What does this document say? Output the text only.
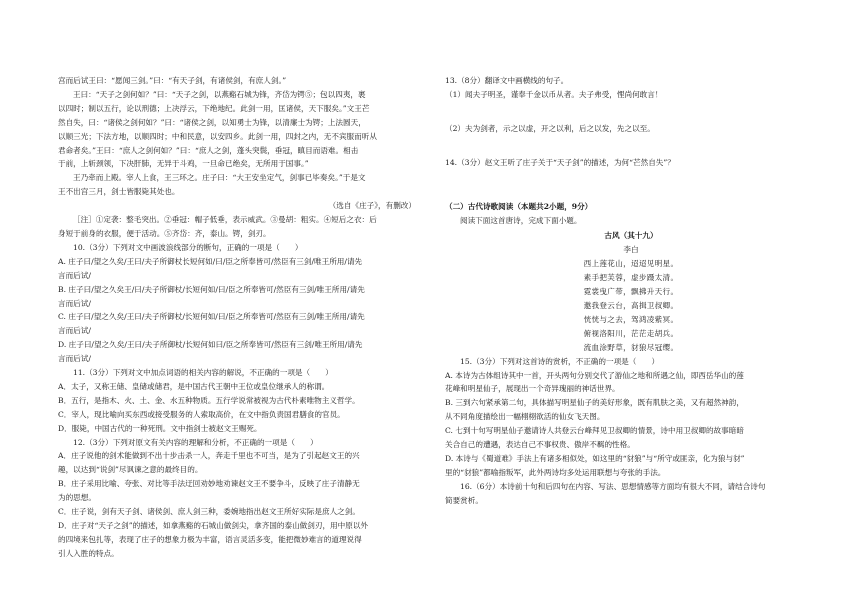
宫而后试王曰：“愿闻三剑。”曰：“有天子剑，有诸侯剑，有庶人剑。”
王曰：“天子之剑何如？”曰：“天子之剑，以燕谿石城为锋，齐岱为锷⑤；包以四夷，裹
以四时；制以五行，论以刑德；上决浮云，下绝地纪。此剑一用，匡诸侯，天下服矣。”文王芒
然自失，曰：“诸侯之剑何如？”曰：“诸侯之剑，以知勇士为锋，以清廉士为锷；上法圆天，
以顺三光；下法方地，以顺四时；中和民意，以安四乡。此剑一用，四封之内，无不宾服而听从
君命者矣。”王曰：“庶人之剑何如？”曰：“庶人之剑，蓬头突鬓，垂冠，瞋目而语难。相击
于前，上斩颈领，下决肝肺，无异于斗鸡，一旦命已绝矣，无所用于国事。”
王乃牵而上殿。宰人上食，王三环之。庄子曰：“大王安坐定气，剑事已毕奏矣。”于是文
王不出宫三月，剑士皆服毙其处也。
（选自《庄子》，有删改）
［注］①定袭：整毛突出。②垂冠：帽子低垂，表示威武。③曼胡：粗实。④短后之衣：后
身短于前身的衣服，便于活动。⑤齐岱：齐，泰山。锷，剑刃。
10.（3分）下列对文中画波浪线部分的断句，正确的一项是（　　）
A. 庄子曰/望之久矣/王曰/夫子所御杖长短何如/曰/臣之所奉皆可/然臣有三剑/唯王所用/请先
言而后试/
B. 庄子曰/望之久矣王/曰/夫子所御杖/长短何如/曰/臣之所奉皆可/然臣有三剑/唯王所用/请先
言而后试/
C. 庄子曰/望之久矣/王曰/夫子所御杖/长短何如/曰/臣之所奉皆可/然臣有三剑/唯王所用/请先
言而后试/
D. 庄子曰/望之久矣/王曰/夫子所御杖/长短何如曰/臣之所奉皆可/然臣有三剑/唯王所用/请先
言而后试/
11.（3分）下列对文中加点词语的相关内容的解说，不正确的一项是（　　）
A．太子，又称王储、皇储或储君，是中国古代王朝中王位或皇位继承人的称谓。
B．五行，是指木、火、土、金、水五种物质。五行学说常被视为古代朴素唯物主义哲学。
C．宰人，现比喻向买东西或接受服务的人索取高价，在文中指负责国君膳食的官员。
D．服毙，中国古代的一种死刑。文中指剑士被赵文王赐死。
12.（3分）下列对原文有关内容的理解和分析，不正确的一项是（　　）
A．庄子说他的剑术能做到不出十步击杀一人，奔走千里也不可当，是为了引起赵文王的兴
趣，以达到“说剑”尽讽谏之意的最终目的。
B．庄子采用比喻、夸张、对比等手法迂回劝妙地劝谏赵文王不要争斗，反映了庄子清静无
为的思想。
C．庄子说，剑有天子剑、诸侯剑、庶人剑三种，委婉地指出赵文王所好实际是庶人之剑。
D．庄子对“天子之剑”的描述，如拿燕谿的石城山做剑尖，拿齐国的泰山做剑刃，用中原以外
的四境来包扎等，表现了庄子的想象力极为丰富，语言灵活多变，能把微妙难言的道理说得
引人入胜的特点。
13.（8分）翻译文中画横线的句子。
（1）闻夫子明圣，谨奉千金以币从者。夫子弗受，悝尚何敢言！
（2）夫为剑者，示之以虚，开之以利，后之以发，先之以至。
14.（3分）赵文王听了庄子关于“天子剑”的描述，为何“芒然自失”？
（二）古代诗歌阅读（本题共2小题，9分）
阅读下面这首唐诗，完成下面小题。
古风（其十九）
李白
西上莲花山，迢迢见明星。
素手把芙蓉，虚步蹑太清。
霓裳曳广带，飘拂升天行。
邀我登云台，高揖卫叔卿。
恍恍与之去，驾鸿凌紫冥。
俯视洛阳川，茫茫走胡兵。
流血涂野草，豺狼尽冠缨。
15.（3分）下列对这首诗的赏析，不正确的一项是（　　）
A. 本诗为古体组诗其中一首，开头两句分别交代了游仙之地和所遇之仙，即西岳华山的莲
花峰和明星仙子，展现出一个奇异瑰丽的神话世界。
B. 三到六句紧承第二句，具体描写明星仙子的美好形象，既有肌肤之美，又有超然神韵，
从不同角度描绘出一幅栩栩欲活的仙女飞天图。
C. 七到十句写明星仙子邀请诗人共登云台峰拜见卫叔卿的情景，诗中用卫叔卿的故事暗暗
关合自己的遭遇，表达自己不事权贵、傲岸不羁的性格。
D. 本诗与《蜀道难》手法上有诸多相似处，如这里的“豺狼”与“所守或匪亲，化为狼与豺”
里的“豺狼”都喻指叛军，此外两诗均多处运用联想与夸张的手法。
16.（6分）本诗前十句和后四句在内容、写法、思想情感等方面均有很大不同，请结合诗句
简要赏析。
